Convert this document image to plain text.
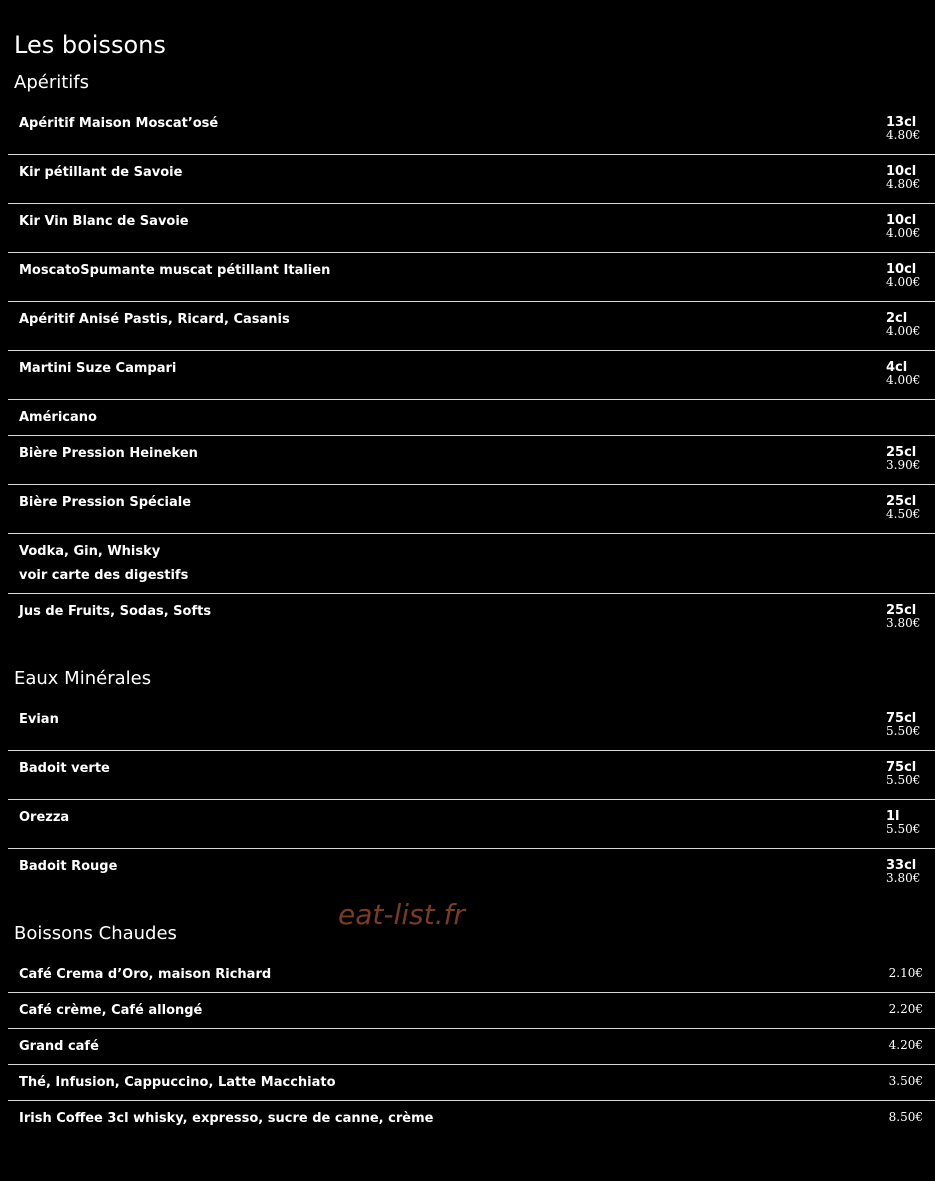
Les boissons
Apéritifs
Apéritif Maison Moscat’osé	13cl
4.80€
Kir pétillant de Savoie	10cl
4.80€
Kir Vin Blanc de Savoie	10cl
4.00€
MoscatoSpumante muscat pétillant Italien	10cl
4.00€
Apéritif Anisé Pastis, Ricard, Casanis	2cl
4.00€
Martini Suze Campari	4cl
4.00€
Américano
Bière Pression Heineken	25cl
3.90€
Bière Pression Spéciale	25cl
4.50€
Vodka, Gin, Whisky
voir carte des digestifs
Jus de Fruits, Sodas, Softs	25cl
3.80€
Eaux Minérales
Evian	75cl
5.50€
Badoit verte	75cl
5.50€
Orezza	1l
5.50€
Badoit Rouge	33cl
3.80€
eat-list.fr
Boissons Chaudes
Café Crema d’Oro, maison Richard	2.10€
Café crème, Café allongé	2.20€
Grand café	4.20€
Thé, Infusion, Cappuccino, Latte Macchiato	3.50€
Irish Coffee 3cl whisky, expresso, sucre de canne, crème	8.50€
